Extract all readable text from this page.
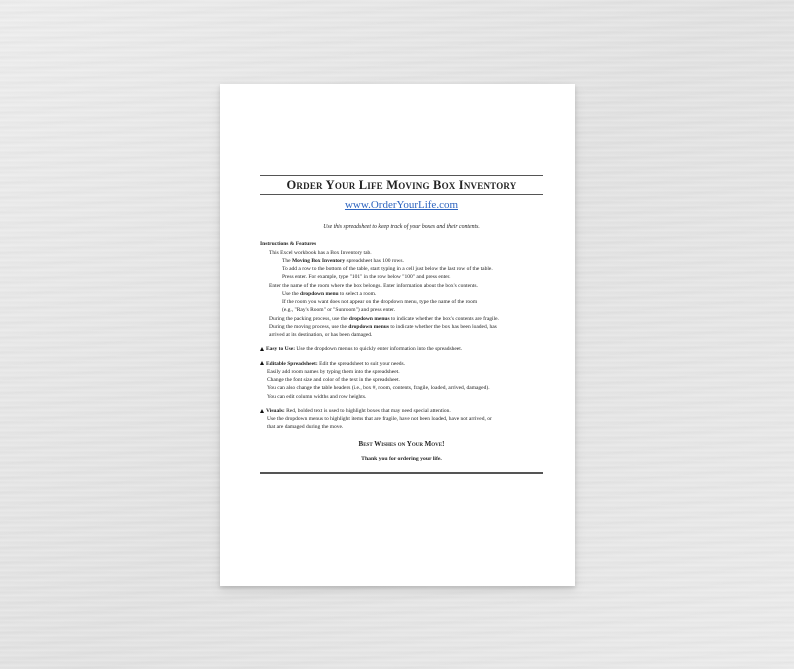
Order Your Life Moving Box Inventory
www.OrderYourLife.com
Use this spreadsheet to keep track of your boxes and their contents.
Instructions & Features
This Excel workbook has a Box Inventory tab.
The Moving Box Inventory spreadsheet has 100 rows.
To add a row to the bottom of the table, start typing in a cell just below the last row of the table.
Press enter. For example, type "101" in the row below "100" and press enter.
Enter the name of the room where the box belongs. Enter information about the box's contents.
Use the dropdown menu to select a room.
If the room you want does not appear on the dropdown menu, type the name of the room
(e.g., "Ray's Room" or "Sunroom") and press enter.
During the packing process, use the dropdown menus to indicate whether the box's contents are fragile.
During the moving process, use the dropdown menus to indicate whether the box has been loaded, has
arrived at its destination, or has been damaged.
Easy to Use: Use the dropdown menus to quickly enter information into the spreadsheet.
Editable Spreadsheet: Edit the spreadsheet to suit your needs.
Easily add room names by typing them into the spreadsheet.
Change the font size and color of the text in the spreadsheet.
You can also change the table headers (i.e., box #, room, contents, fragile, loaded, arrived, damaged).
You can edit column widths and row heights.
Visuals: Red, bolded text is used to highlight boxes that may need special attention.
Use the dropdown menus to highlight items that are fragile, have not been loaded, have not arrived, or
that are damaged during the move.
Best Wishes on Your Move!
Thank you for ordering your life.
